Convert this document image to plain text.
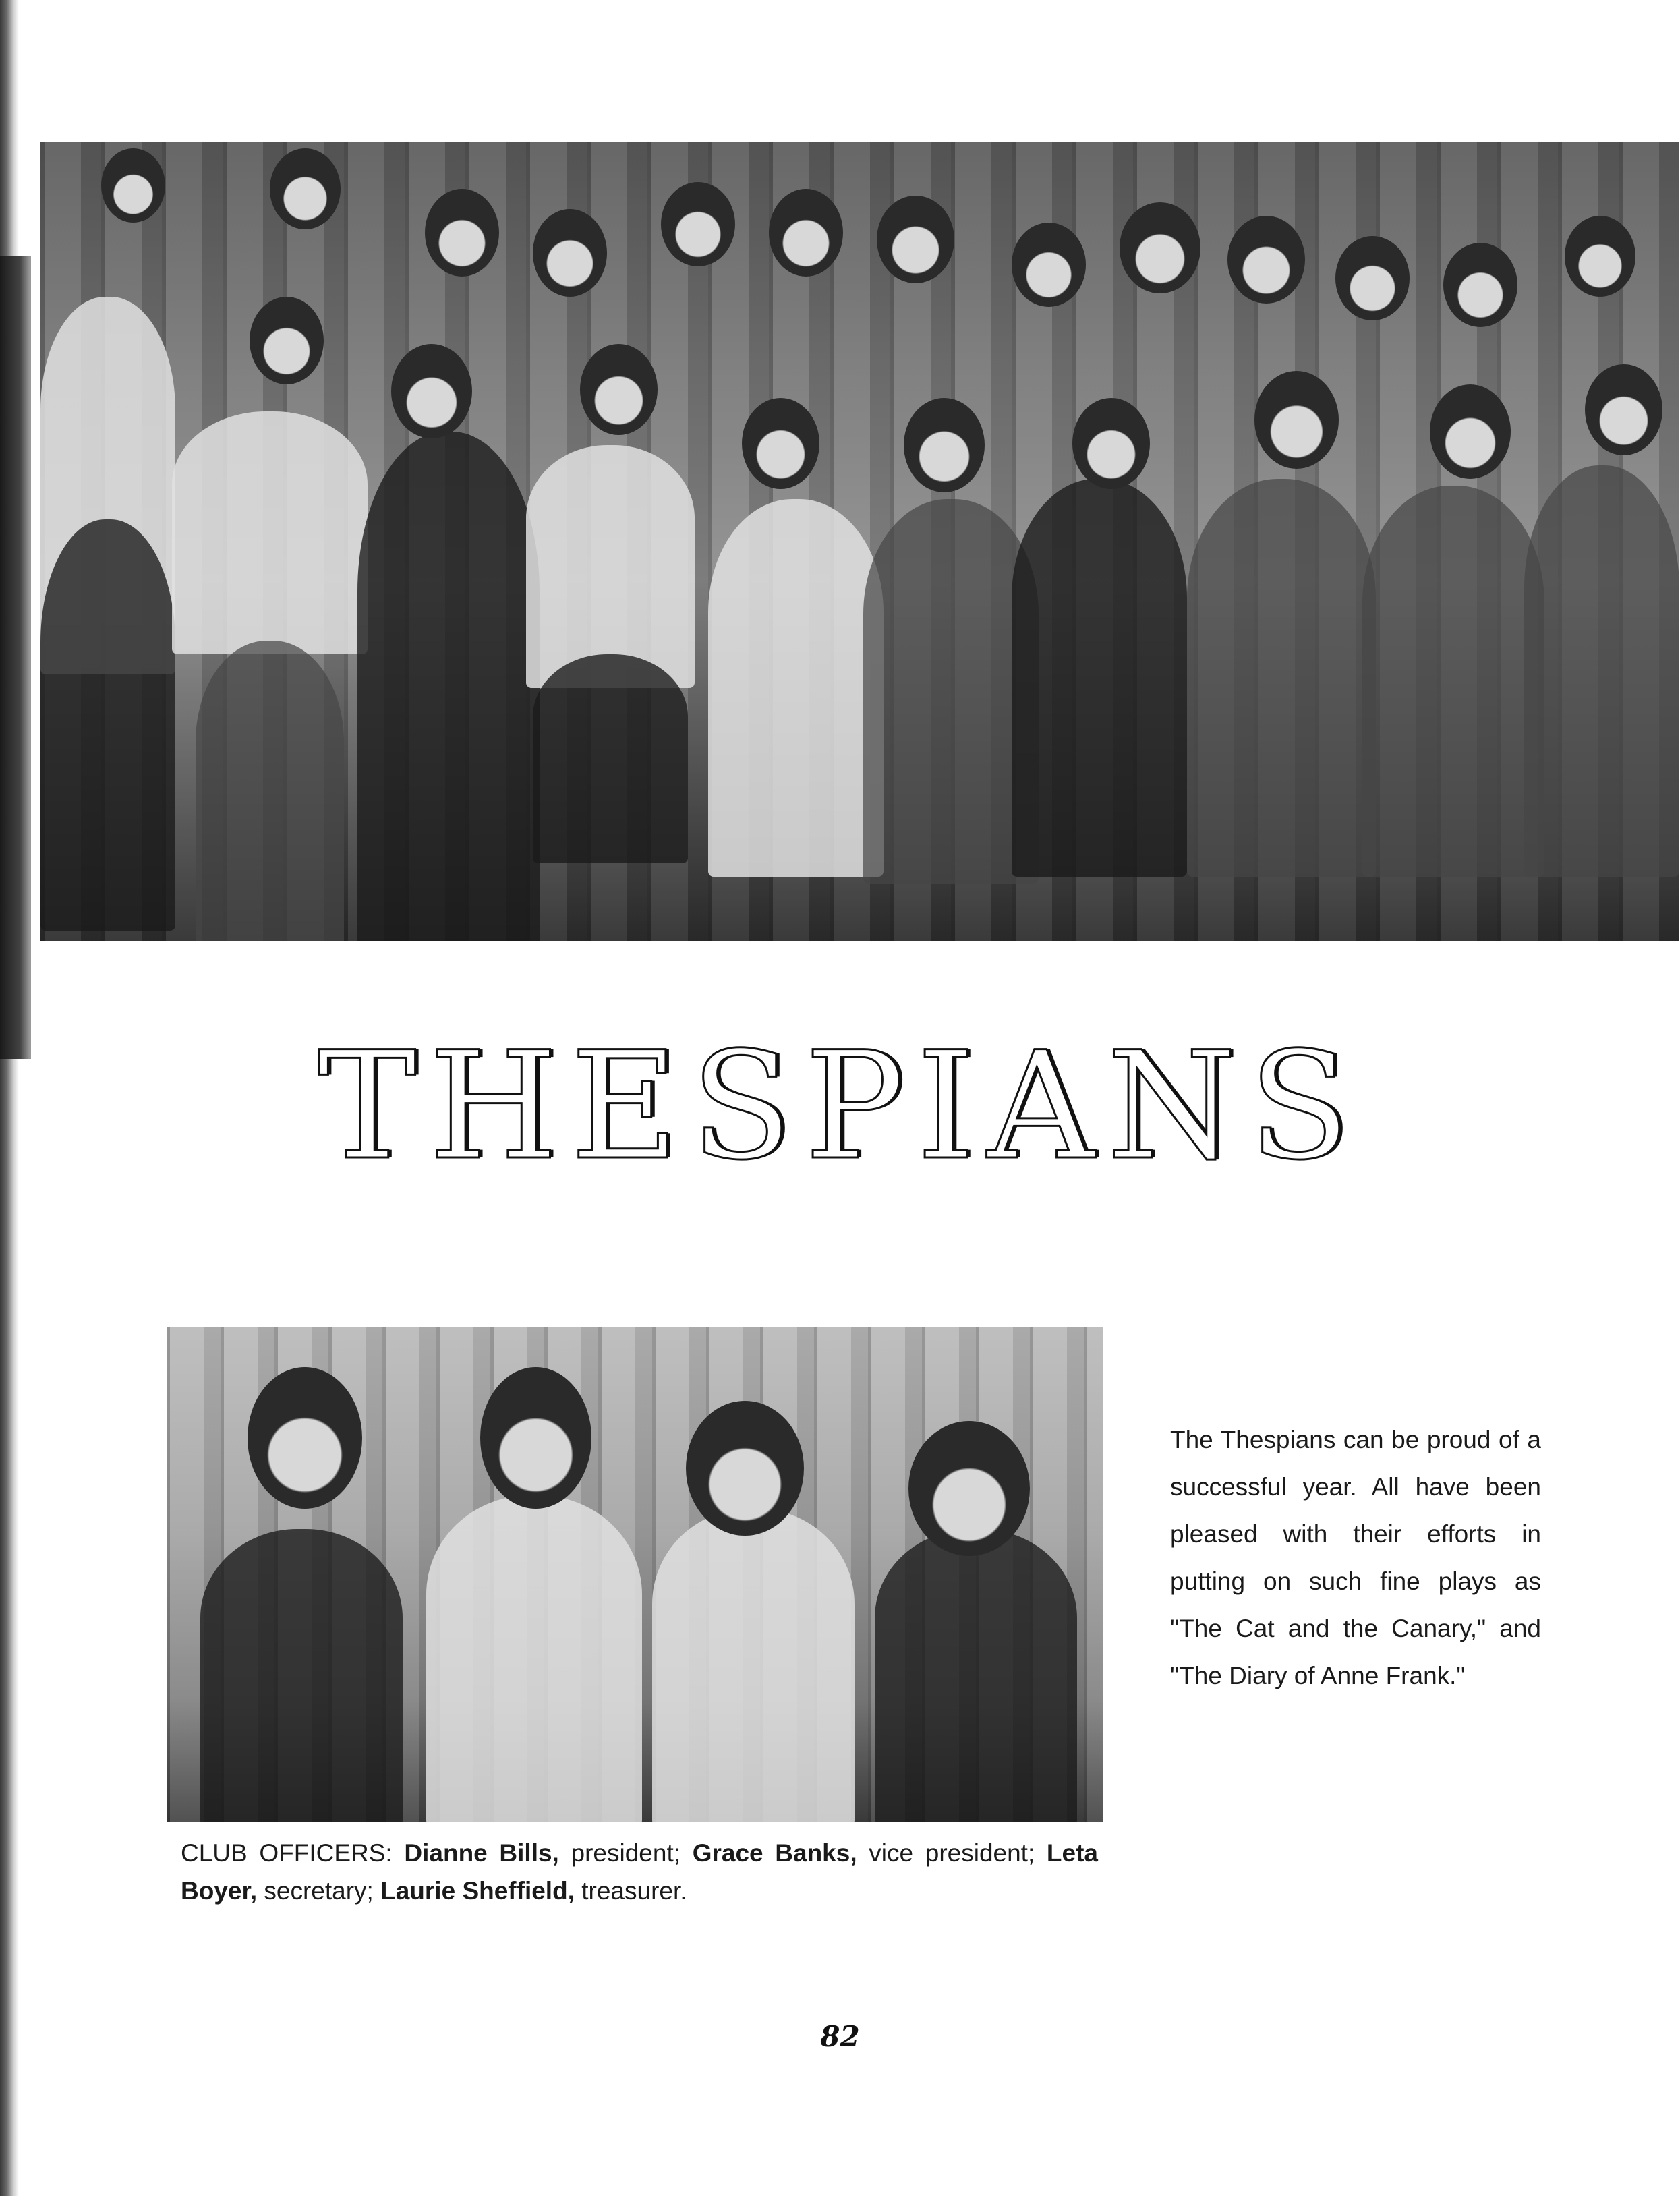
THESPIANS
The Thespians can be proud of a successful year. All have been pleased with their efforts in putting on such fine plays as "The Cat and the Canary," and "The Diary of Anne Frank."
CLUB OFFICERS: Dianne Bills, president; Grace Banks, vice president; Leta Boyer, secretary; Laurie Sheffield, treasurer.
82
